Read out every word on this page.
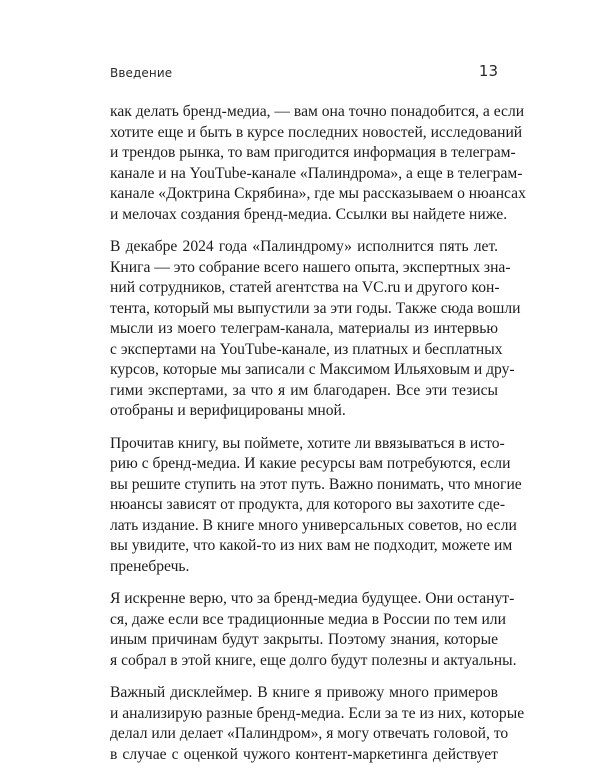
Введение	13
как делать бренд-медиа, — вам она точно понадобится, а если
хотите еще и быть в курсе последних новостей, исследований
и трендов рынка, то вам пригодится информация в телеграм-
канале и на YouTube-канале «Палиндрома», а еще в телеграм-
канале «Доктрина Скрябина», где мы рассказываем о нюансах
и мелочах создания бренд-медиа. Ссылки вы найдете ниже.
В декабре 2024 года «Палиндрому» исполнится пять лет.
Книга — это собрание всего нашего опыта, экспертных зна-
ний сотрудников, статей агентства на VC.ru и другого кон-
тента, который мы выпустили за эти годы. Также сюда вошли
мысли из моего телеграм-канала, материалы из интервью
с экспертами на YouTube-канале, из платных и бесплатных
курсов, которые мы записали с Максимом Ильяховым и дру-
гими экспертами, за что я им благодарен. Все эти тезисы
отобраны и верифицированы мной.
Прочитав книгу, вы поймете, хотите ли ввязываться в исто-
рию с бренд-медиа. И какие ресурсы вам потребуются, если
вы решите ступить на этот путь. Важно понимать, что многие
нюансы зависят от продукта, для которого вы захотите сде-
лать издание. В книге много универсальных советов, но если
вы увидите, что какой-то из них вам не подходит, можете им
пренебречь.
Я искренне верю, что за бренд-медиа будущее. Они останут-
ся, даже если все традиционные медиа в России по тем или
иным причинам будут закрыты. Поэтому знания, которые
я собрал в этой книге, еще долго будут полезны и актуальны.
Важный дисклеймер. В книге я привожу много примеров
и анализирую разные бренд-медиа. Если за те из них, которые
делал или делает «Палиндром», я могу отвечать головой, то
в случае с оценкой чужого контент-маркетинга действует
